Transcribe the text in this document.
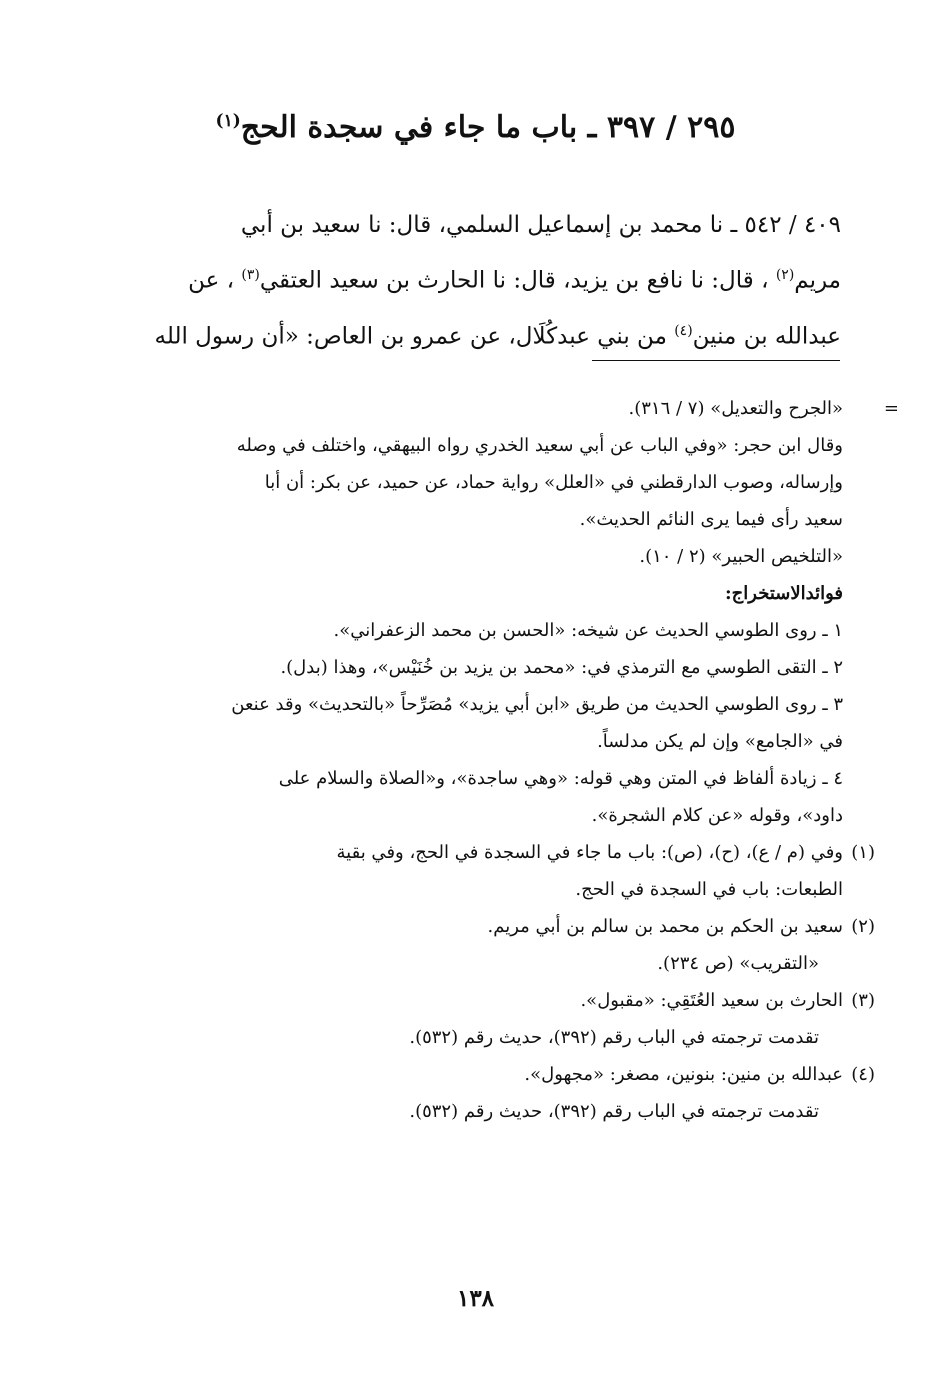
٢٩٥ / ٣٩٧ ـ باب ما جاء في سجدة الحج$^{(١)}$

٤٠٩ / ٥٤٢ ـ نا محمد بن إسماعيل السلمي، قال: نا سعيد بن أبي

مريم$^{(٢)}$ ، قال: نا نافع بن يزيد، قال: نا الحارث بن سعيد العتقي$^{(٣)}$ ، عن

عبدالله بن منين$^{(٤)}$ من بني عبدكُلَال، عن عمرو بن العاص: «أن رسول الله

=
«الجرح والتعديل» (٧ / ٣١٦).
وقال ابن حجر: «وفي الباب عن أبي سعيد الخدري رواه البيهقي، واختلف في وصله
وإرساله، وصوب الدارقطني في «العلل» رواية حماد، عن حميد، عن بكر: أن أبا
سعيد رأى فيما يرى النائم الحديث».
«التلخيص الحبير» (٢ / ١٠).
فوائدالاستخراج:
١ ـ روى الطوسي الحديث عن شيخه: «الحسن بن محمد الزعفراني».
٢ ـ التقى الطوسي مع الترمذي في: «محمد بن يزيد بن خُنَيْس»، وهذا (بدل).
٣ ـ روى الطوسي الحديث من طريق «ابن أبي يزيد» مُصَرِّحاً «بالتحديث» وقد عنعن
في «الجامع» وإن لم يكن مدلساً.
٤ ـ زيادة ألفاظ في المتن وهي قوله: «وهي ساجدة»، و«الصلاة والسلام على
داود»، وقوله «عن كلام الشجرة».
(١)
وفي (م / ع)، (ح)، (ص): باب ما جاء في السجدة في الحج، وفي بقية
الطبعات: باب في السجدة في الحج.
(٢)
سعيد بن الحكم بن محمد بن سالم بن أبي مريم.
«التقريب» (ص ٢٣٤).
(٣)
الحارث بن سعيد العُتَقِي: «مقبول».
تقدمت ترجمته في الباب رقم (٣٩٢)، حديث رقم (٥٣٢).
(٤)
عبدالله بن منين: بنونين، مصغر: «مجهول».
تقدمت ترجمته في الباب رقم (٣٩٢)، حديث رقم (٥٣٢).
١٣٨
